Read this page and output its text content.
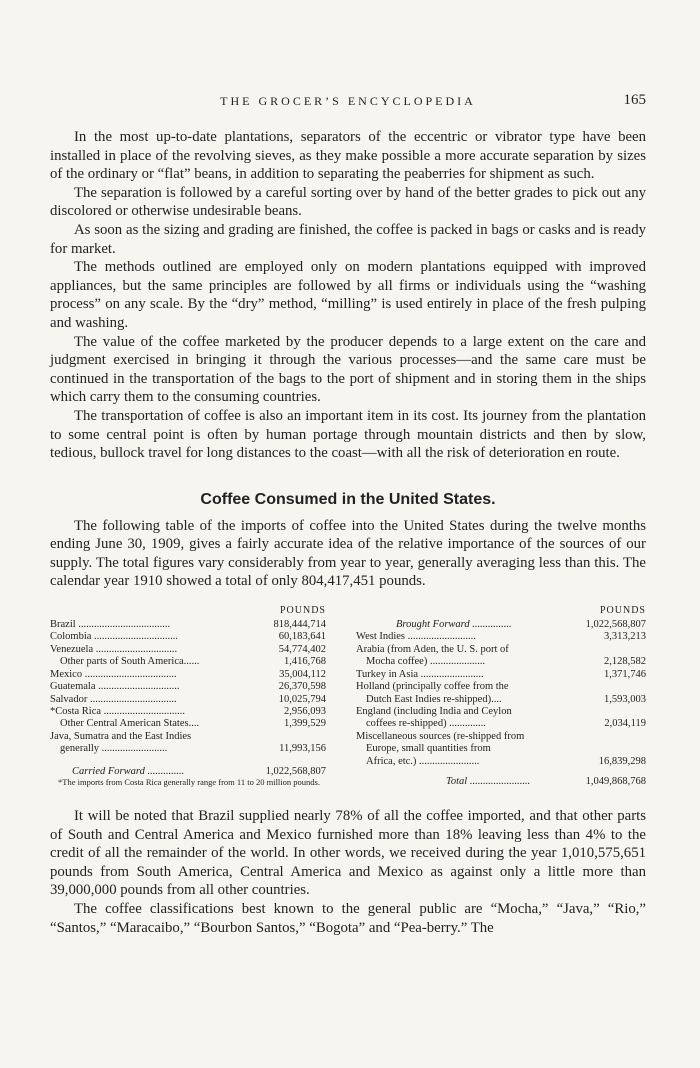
THE GROCER’S ENCYCLOPEDIA	165

In the most up-to-date plantations, separators of the eccentric or vibrator type have been installed in place of the revolving sieves, as they make possible a more accurate separation by sizes of the ordinary or “flat” beans, in addition to separating the peaberries for shipment as such.

The separation is followed by a careful sorting over by hand of the better grades to pick out any discolored or otherwise undesirable beans.

As soon as the sizing and grading are finished, the coffee is packed in bags or casks and is ready for market.

The methods outlined are employed only on modern plantations equipped with improved appliances, but the same principles are followed by all firms or individuals using the “washing process” on any scale. By the “dry” method, “milling” is used entirely in place of the fresh pulping and washing.

The value of the coffee marketed by the producer depends to a large extent on the care and judgment exercised in bringing it through the various processes—and the same care must be continued in the transportation of the bags to the port of shipment and in storing them in the ships which carry them to the consuming countries.

The transportation of coffee is also an important item in its cost. Its journey from the plantation to some central point is often by human portage through mountain districts and then by slow, tedious, bullock travel for long distances to the coast—with all the risk of deterioration en route.

Coffee Consumed in the United States.

The following table of the imports of coffee into the United States during the twelve months ending June 30, 1909, gives a fairly accurate idea of the relative importance of the sources of our supply. The total figures vary considerably from year to year, generally averaging less than this. The calendar year 1910 showed a total of only 804,417,451 pounds.

POUNDS
Brazil ...................................	818,444,714
Colombia ................................	60,183,641
Venezuela ...............................	54,774,402
Other parts of South America......	1,416,768
Mexico ...................................	35,004,112
Guatemala ...............................	26,370,598
Salvador .................................	10,025,794
*Costa Rica ...............................	2,956,093
Other Central American States....	1,399,529
Java, Sumatra and the East Indies
generally .........................	11,993,156
Carried Forward ..............	1,022,568,807
POUNDS
Brought Forward ...............	1,022,568,807
West Indies ..........................	3,313,213
Arabia (from Aden, the U. S. port of
Mocha coffee) .....................	2,128,582
Turkey in Asia ........................	1,371,746
Holland (principally coffee from the
Dutch East Indies re-shipped)....	1,593,003
England (including India and Ceylon
coffees re-shipped) ..............	2,034,119
Miscellaneous sources (re-shipped from
Europe, small quantities from
Africa, etc.) .......................	16,839,298
Total .......................	1,049,868,768
*The imports from Costa Rica generally range from 11 to 20 million pounds.

It will be noted that Brazil supplied nearly 78% of all the coffee imported, and that other parts of South and Central America and Mexico furnished more than 18% leaving less than 4% to the credit of all the remainder of the world. In other words, we received during the year 1,010,575,651 pounds from South America, Central America and Mexico as against only a little more than 39,000,000 pounds from all other countries.

The coffee classifications best known to the general public are “Mocha,” “Java,” “Rio,” “Santos,” “Maracaibo,” “Bourbon Santos,” “Bogota” and “Pea-berry.” The
